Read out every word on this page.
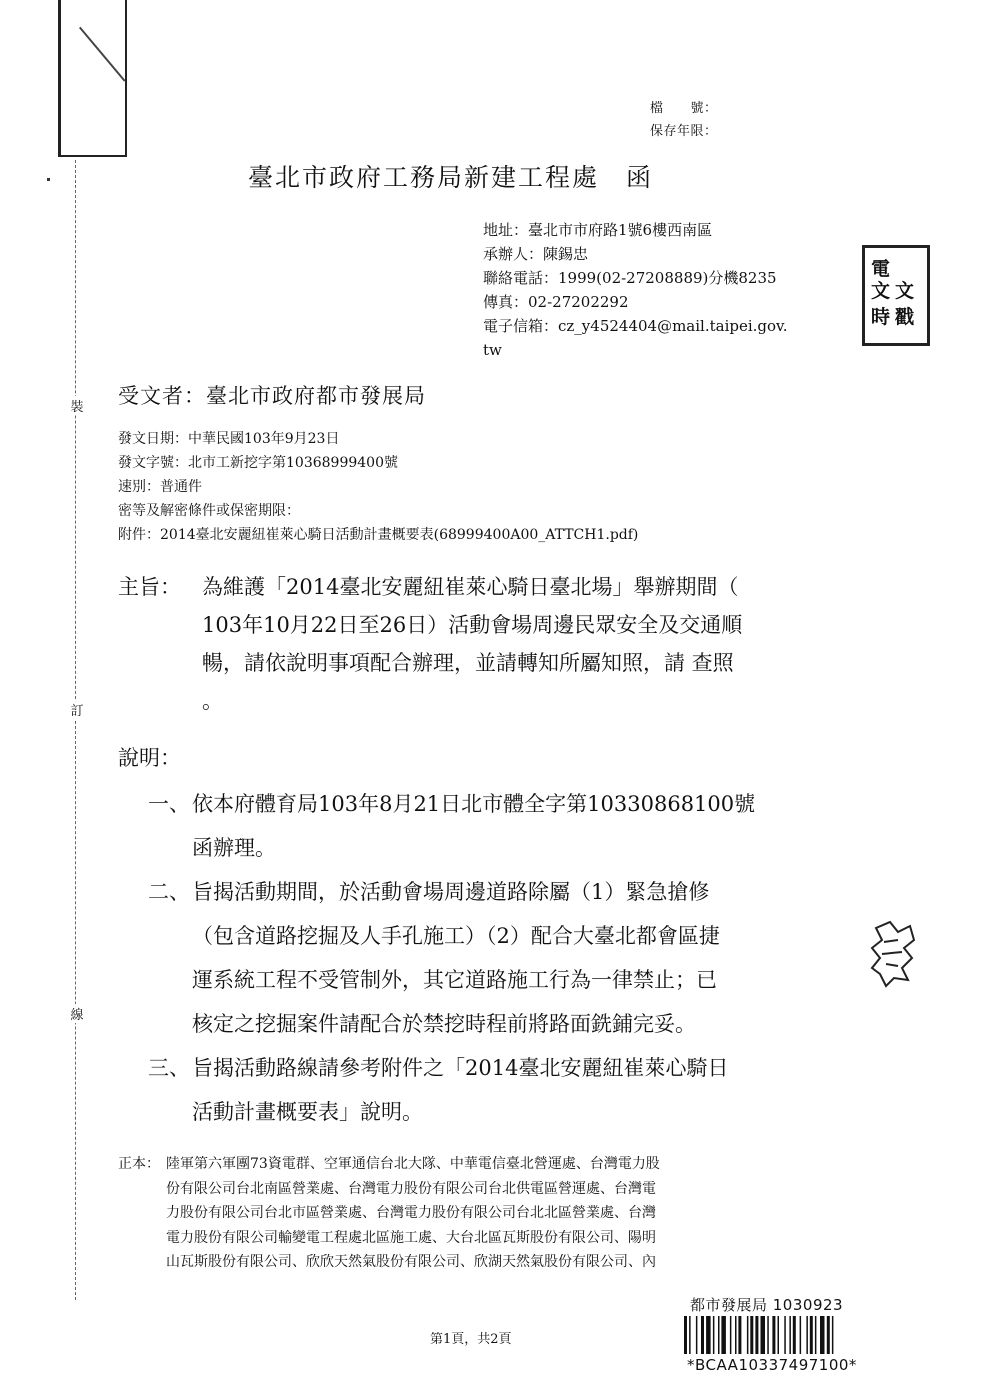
裝
訂
線
檔　　號：
保存年限：
臺北市政府工務局新建工程處　函
地址：臺北市市府路1號6樓西南區
承辦人：陳錫忠
聯絡電話：1999(02-27208889)分機8235
傳真：02-27202292
電子信箱：cz_y4524404@mail.taipei.gov.
tw
電
文
文
時 戳
受文者：臺北市政府都市發展局
發文日期：中華民國103年9月23日
發文字號：北市工新挖字第10368999400號
速別：普通件
密等及解密條件或保密期限：
附件：2014臺北安麗紐崔萊心騎日活動計畫概要表(68999400A00_ATTCH1.pdf)
主旨： 為維護「2014臺北安麗紐崔萊心騎日臺北場」舉辦期間（
103年10月22日至26日）活動會場周邊民眾安全及交通順
暢，請依說明事項配合辦理，並請轉知所屬知照，請 查照
。
說明：
一、 依本府體育局103年8月21日北市體全字第10330868100號
函辦理。
二、 旨揭活動期間，於活動會場周邊道路除屬（1）緊急搶修
（包含道路挖掘及人手孔施工）（2）配合大臺北都會區捷
運系統工程不受管制外，其它道路施工行為一律禁止；已
核定之挖掘案件請配合於禁挖時程前將路面銑鋪完妥。
三、 旨揭活動路線請參考附件之「2014臺北安麗紐崔萊心騎日
活動計畫概要表」說明。
正本： 陸軍第六軍團73資電群、空軍通信台北大隊、中華電信臺北營運處、台灣電力股
份有限公司台北南區營業處、台灣電力股份有限公司台北供電區營運處、台灣電
力股份有限公司台北市區營業處、台灣電力股份有限公司台北北區營業處、台灣
電力股份有限公司輸變電工程處北區施工處、大台北區瓦斯股份有限公司、陽明
山瓦斯股份有限公司、欣欣天然氣股份有限公司、欣湖天然氣股份有限公司、內
第1頁，共2頁
都市發展局 1030923
*BCAA10337497100*
